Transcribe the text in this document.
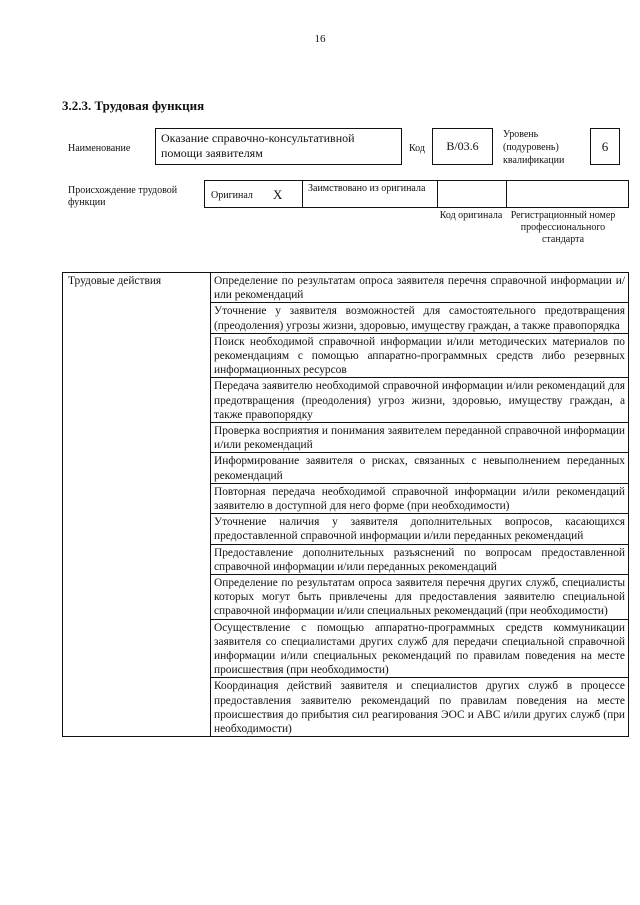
16
3.2.3. Трудовая функция
Наименование
Оказание справочно-консультативной помощи заявителям	Код B/03.6
Уровень (подуровень) квалификации
6
Происхождение трудовой функции
Оригинал X	Заимствовано из оригинала
Код оригинала Регистрационный номер профессионального стандарта
Трудовые действия	Определение по результатам опроса заявителя перечня справочной информации и/или рекомендаций
Уточнение у заявителя возможностей для самостоятельного предотвращения (преодоления) угрозы жизни, здоровью, имуществу граждан, а также правопорядка
Поиск необходимой справочной информации и/или методических материалов по рекомендациям с помощью аппаратно-программных средств либо резервных информационных ресурсов
Передача заявителю необходимой справочной информации и/или рекомендаций для предотвращения (преодоления) угроз жизни, здоровью, имуществу граждан, а также правопорядку
Проверка восприятия и понимания заявителем переданной справочной информации и/или рекомендаций
Информирование заявителя о рисках, связанных с невыполнением переданных рекомендаций
Повторная передача необходимой справочной информации и/или рекомендаций заявителю в доступной для него форме (при необходимости)
Уточнение наличия у заявителя дополнительных вопросов, касающихся предоставленной справочной информации и/или переданных рекомендаций
Предоставление дополнительных разъяснений по вопросам предоставленной справочной информации и/или переданных рекомендаций
Определение по результатам опроса заявителя перечня других служб, специалисты которых могут быть привлечены для предоставления заявителю специальной справочной информации и/или специальных рекомендаций (при необходимости)
Осуществление с помощью аппаратно-программных средств коммуникации заявителя со специалистами других служб для передачи специальной справочной информации и/или специальных рекомендаций по правилам поведения на месте происшествия (при необходимости)
Координация действий заявителя и специалистов других служб в процессе предоставления заявителю рекомендаций по правилам поведения на месте происшествия до прибытия сил реагирования ЭОС и АВС и/или других служб (при необходимости)
